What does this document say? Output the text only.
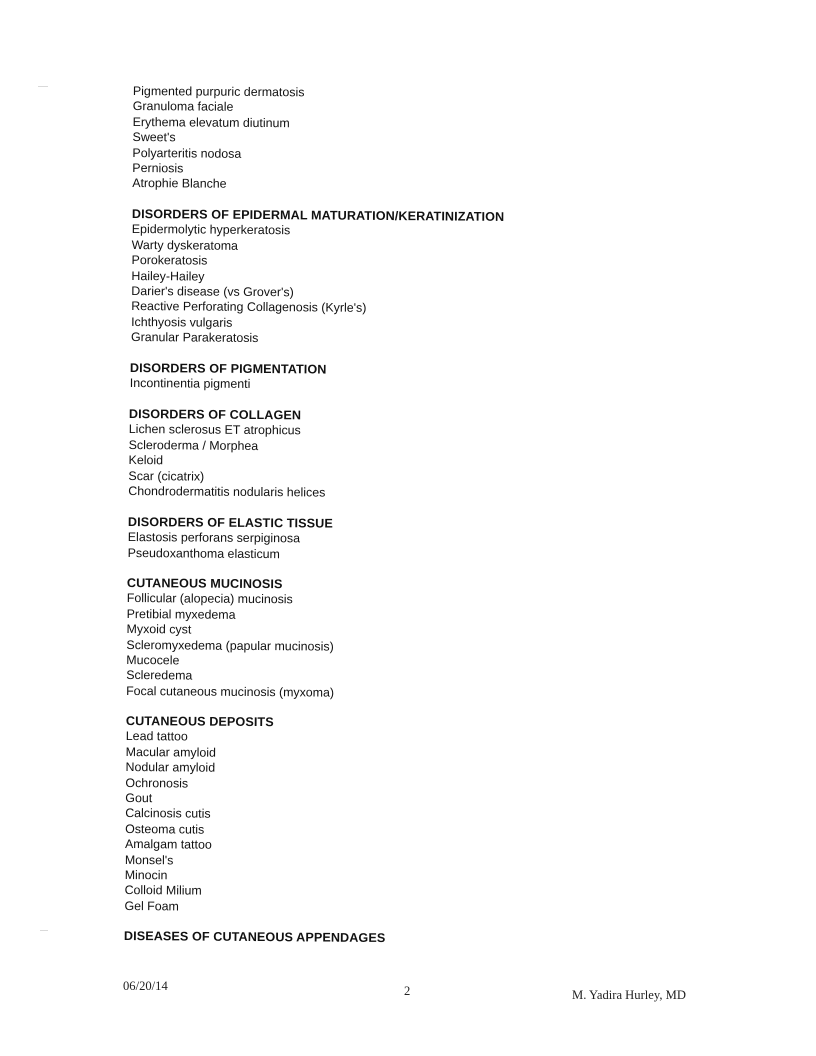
Pigmented purpuric dermatosis
Granuloma faciale
Erythema elevatum diutinum
Sweet's
Polyarteritis nodosa
Perniosis
Atrophie Blanche
DISORDERS OF EPIDERMAL MATURATION/KERATINIZATION
Epidermolytic hyperkeratosis
Warty dyskeratoma
Porokeratosis
Hailey-Hailey
Darier's disease (vs Grover's)
Reactive Perforating Collagenosis (Kyrle's)
Ichthyosis vulgaris
Granular Parakeratosis
DISORDERS OF PIGMENTATION
Incontinentia pigmenti
DISORDERS OF COLLAGEN
Lichen sclerosus ET atrophicus
Scleroderma / Morphea
Keloid
Scar (cicatrix)
Chondrodermatitis nodularis helices
DISORDERS OF ELASTIC TISSUE
Elastosis perforans serpiginosa
Pseudoxanthoma elasticum
CUTANEOUS MUCINOSIS
Follicular (alopecia) mucinosis
Pretibial myxedema
Myxoid cyst
Scleromyxedema (papular mucinosis)
Mucocele
Scleredema
Focal cutaneous mucinosis (myxoma)
CUTANEOUS DEPOSITS
Lead tattoo
Macular amyloid
Nodular amyloid
Ochronosis
Gout
Calcinosis cutis
Osteoma cutis
Amalgam tattoo
Monsel's
Minocin
Colloid Milium
Gel Foam
DISEASES OF CUTANEOUS APPENDAGES
06/20/14	2	M. Yadira Hurley, MD
